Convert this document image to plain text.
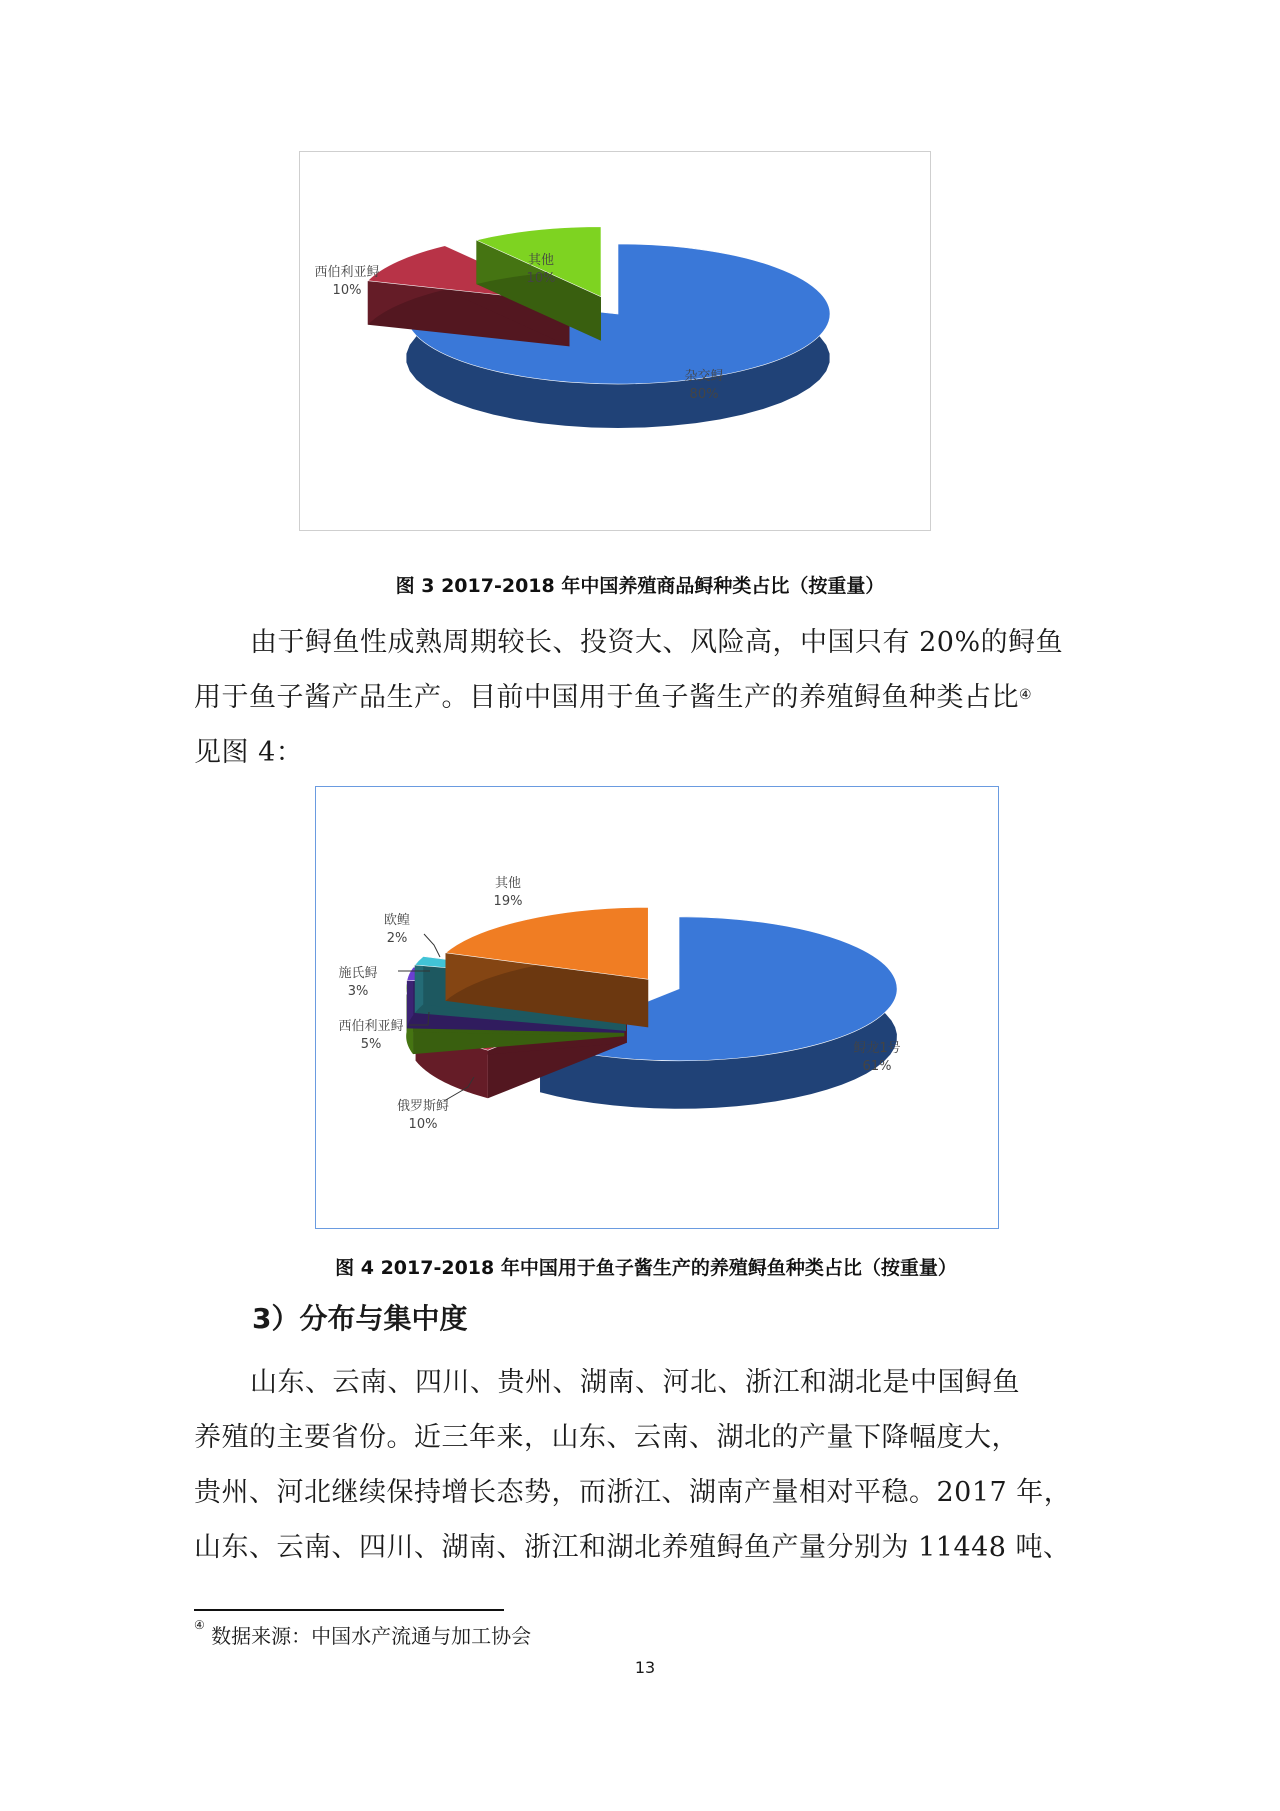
杂交鲟
80%
西伯利亚鲟
10%
其他
10%
图 3 2017-2018 年中国养殖商品鲟种类占比（按重量）
由于鲟鱼性成熟周期较长、投资大、风险高，中国只有 20%的鲟鱼
用于鱼子酱产品生产。目前中国用于鱼子酱生产的养殖鲟鱼种类占比④
见图 4：
鲟龙1号
61%
俄罗斯鲟
10%
西伯利亚鲟
5%
施氏鲟
3%
欧鳇
2%
其他
19%
图 4 2017-2018 年中国用于鱼子酱生产的养殖鲟鱼种类占比（按重量）
3）分布与集中度
山东、云南、四川、贵州、湖南、河北、浙江和湖北是中国鲟鱼
养殖的主要省份。近三年来，山东、云南、湖北的产量下降幅度大，
贵州、河北继续保持增长态势，而浙江、湖南产量相对平稳。2017 年，
山东、云南、四川、湖南、浙江和湖北养殖鲟鱼产量分别为 11448 吨、
④ 数据来源：中国水产流通与加工协会
13
